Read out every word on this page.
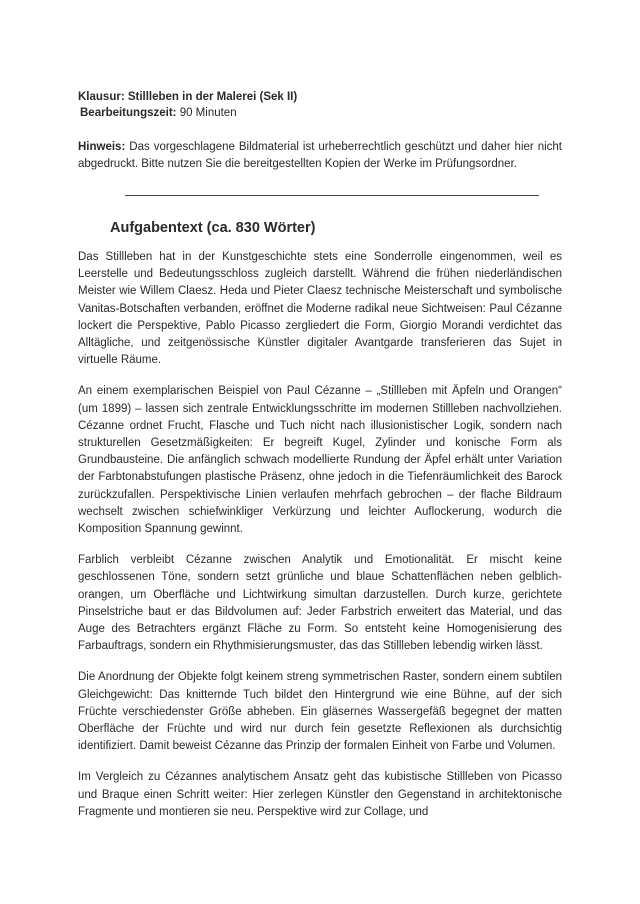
Klausur: Stillleben in der Malerei (Sek II)

Bearbeitungszeit: 90 Minuten

Hinweis: Das vorgeschlagene Bildmaterial ist urheberrechtlich geschützt und daher hier nicht abgedruckt. Bitte nutzen Sie die bereitgestellten Kopien der Werke im Prüfungsordner.
Aufgabentext (ca. 830 Wörter)

Das Stillleben hat in der Kunstgeschichte stets eine Sonderrolle eingenommen, weil es Leerstelle und Bedeutungsschloss zugleich darstellt. Während die frühen niederländischen Meister wie Willem Claesz. Heda und Pieter Claesz technische Meisterschaft und symbolische Vanitas-Botschaften verbanden, eröffnet die Moderne radikal neue Sichtweisen: Paul Cézanne lockert die Perspektive, Pablo Picasso zergliedert die Form, Giorgio Morandi verdichtet das Alltägliche, und zeitgenössische Künstler digitaler Avantgarde transferieren das Sujet in virtuelle Räume.

An einem exemplarischen Beispiel von Paul Cézanne – „Stillleben mit Äpfeln und Orangen“ (um 1899) – lassen sich zentrale Entwicklungsschritte im modernen Stillleben nachvollziehen. Cézanne ordnet Frucht, Flasche und Tuch nicht nach illusionistischer Logik, sondern nach strukturellen Gesetzmäßigkeiten: Er begreift Kugel, Zylinder und konische Form als Grundbausteine. Die anfänglich schwach modellierte Rundung der Äpfel erhält unter Variation der Farbtonabstufungen plastische Präsenz, ohne jedoch in die Tiefenräumlichkeit des Barock zurückzufallen. Perspektivische Linien verlaufen mehrfach gebrochen – der flache Bildraum wechselt zwischen schiefwinkliger Verkürzung und leichter Auflockerung, wodurch die Komposition Spannung gewinnt.

Farblich verbleibt Cézanne zwischen Analytik und Emotionalität. Er mischt keine geschlossenen Töne, sondern setzt grünliche und blaue Schattenflächen neben gelblich-orangen, um Oberfläche und Lichtwirkung simultan darzustellen. Durch kurze, gerichtete Pinselstriche baut er das Bildvolumen auf: Jeder Farbstrich erweitert das Material, und das Auge des Betrachters ergänzt Fläche zu Form. So entsteht keine Homogenisierung des Farbauftrags, sondern ein Rhythmisierungsmuster, das das Stillleben lebendig wirken lässt.

Die Anordnung der Objekte folgt keinem streng symmetrischen Raster, sondern einem subtilen Gleichgewicht: Das knitternde Tuch bildet den Hintergrund wie eine Bühne, auf der sich Früchte verschiedenster Größe abheben. Ein gläsernes Wassergefäß begegnet der matten Oberfläche der Früchte und wird nur durch fein gesetzte Reflexionen als durchsichtig identifiziert. Damit beweist Cézanne das Prinzip der formalen Einheit von Farbe und Volumen.

Im Vergleich zu Cézannes analytischem Ansatz geht das kubistische Stillleben von Picasso und Braque einen Schritt weiter: Hier zerlegen Künstler den Gegenstand in architektonische Fragmente und montieren sie neu. Perspektive wird zur Collage, und
